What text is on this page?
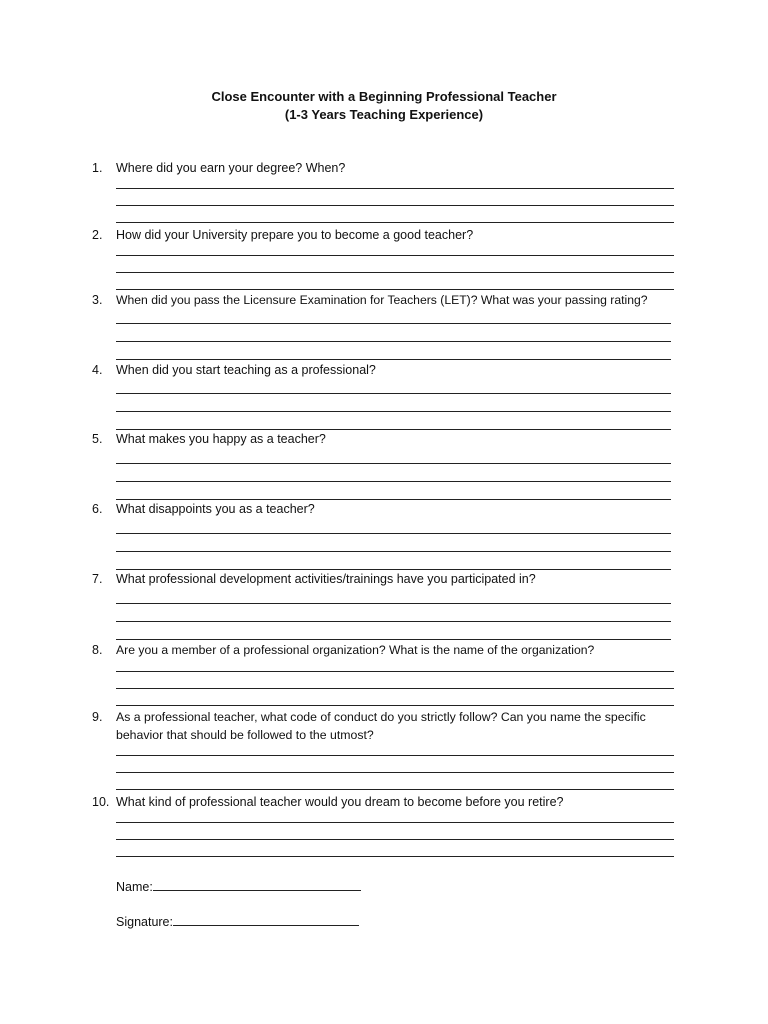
Close Encounter with a Beginning Professional Teacher
(1-3 Years Teaching Experience)
1. Where did you earn your degree? When?
2. How did your University prepare you to become a good teacher?
3. When did you pass the Licensure Examination for Teachers (LET)? What was your passing rating?
4. When did you start teaching as a professional?
5. What makes you happy as a teacher?
6. What disappoints you as a teacher?
7. What professional development activities/trainings have you participated in?
8. Are you a member of a professional organization? What is the name of the organization?
9. As a professional teacher, what code of conduct do you strictly follow? Can you name the specific behavior that should be followed to the utmost?
10. What kind of professional teacher would you dream to become before you retire?
Name:
Signature:
